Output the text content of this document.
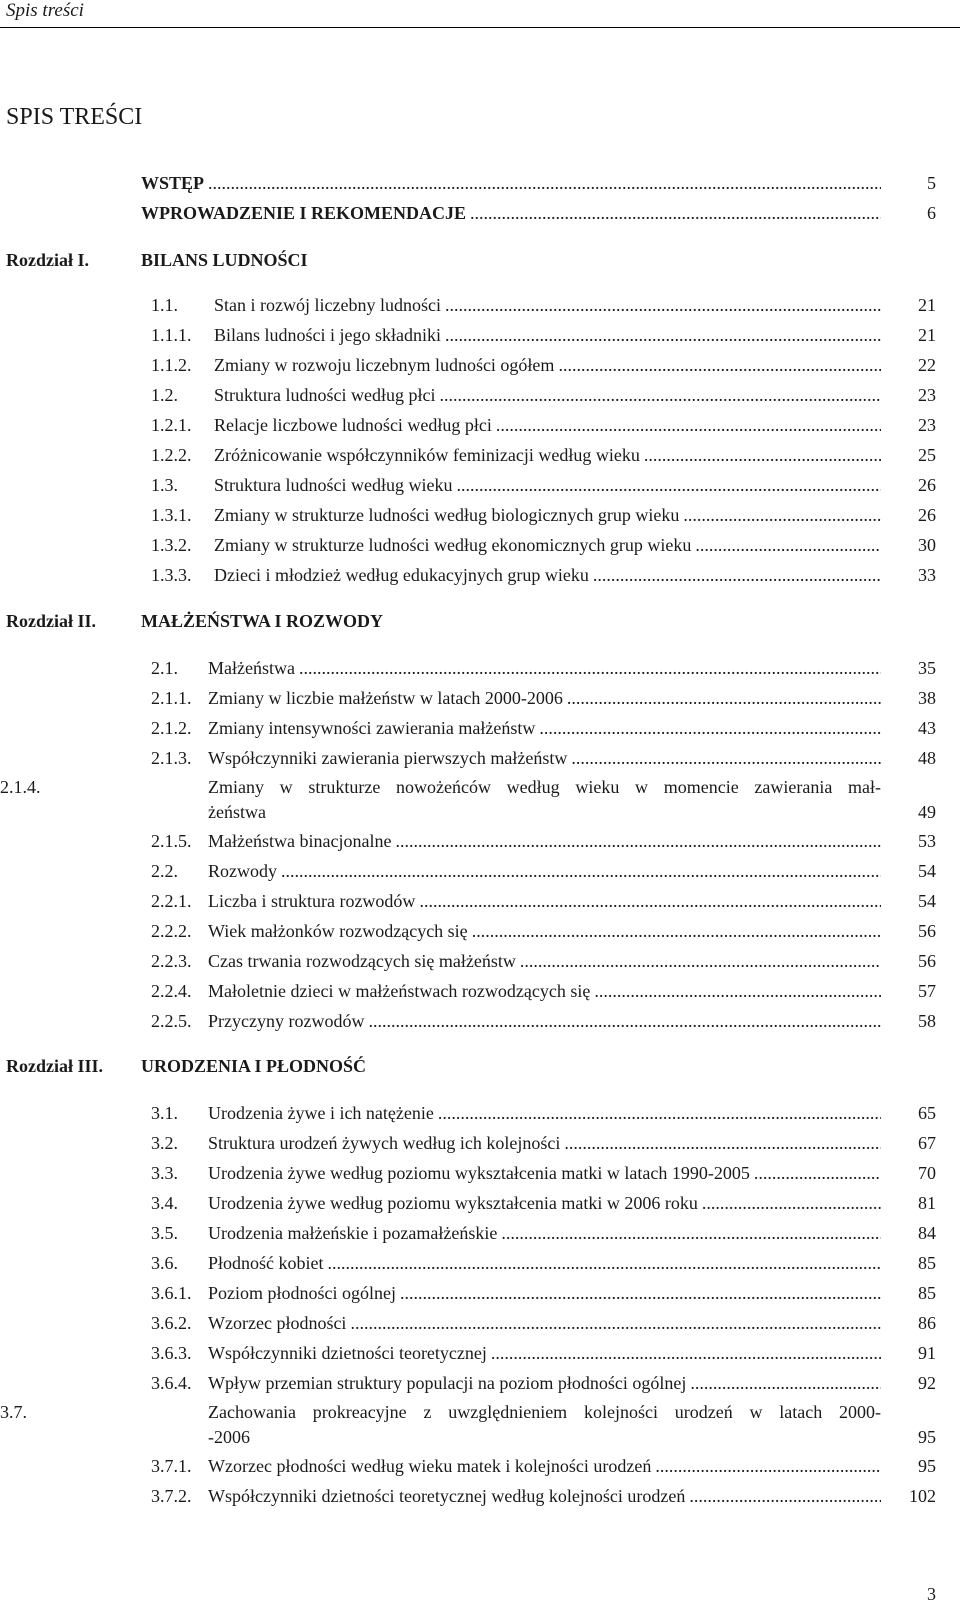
Spis treści
SPIS TREŚCI
WSTĘP .....	5
WPROWADZENIE I REKOMENDACJE .....	6
Rozdział I.	BILANS LUDNOŚCI
1.1. Stan i rozwój liczebny ludności .....	21
1.1.1. Bilans ludności i jego składniki .....	21
1.1.2. Zmiany w rozwoju liczebnym ludności ogółem .....	22
1.2. Struktura ludności według płci .....	23
1.2.1. Relacje liczbowe ludności według płci .....	23
1.2.2. Zróżnicowanie współczynników feminizacji według wieku .....	25
1.3. Struktura ludności według wieku .....	26
1.3.1. Zmiany w strukturze ludności według biologicznych grup wieku .....	26
1.3.2. Zmiany w strukturze ludności według ekonomicznych grup wieku .....	30
1.3.3. Dzieci i młodzież według edukacyjnych grup wieku .....	33
Rozdział II.	MAŁŻEŃSTWA I ROZWODY
2.1. Małżeństwa .....	35
2.1.1. Zmiany w liczbie małżeństw w latach 2000-2006 .....	38
2.1.2. Zmiany intensywności zawierania małżeństw .....	43
2.1.3. Współczynniki zawierania pierwszych małżeństw .....	48
2.1.4.	Zmiany w strukturze nowożeńców według wieku w momencie zawierania mał-
żeństwa	49
2.1.5. Małżeństwa binacjonalne .....	53
2.2. Rozwody .....	54
2.2.1. Liczba i struktura rozwodów .....	54
2.2.2. Wiek małżonków rozwodzących się .....	56
2.2.3. Czas trwania rozwodzących się małżeństw .....	56
2.2.4. Małoletnie dzieci w małżeństwach rozwodzących się .....	57
2.2.5. Przyczyny rozwodów .....	58
Rozdział III. URODZENIA I PŁODNOŚĆ
3.1. Urodzenia żywe i ich natężenie .....	65
3.2. Struktura urodzeń żywych według ich kolejności .....	67
3.3. Urodzenia żywe według poziomu wykształcenia matki w latach 1990-2005 .....	70
3.4. Urodzenia żywe według poziomu wykształcenia matki w 2006 roku .....	81
3.5. Urodzenia małżeńskie i pozamałżeńskie .....	84
3.6. Płodność kobiet .....	85
3.6.1. Poziom płodności ogólnej .....	85
3.6.2. Wzorzec płodności .....	86
3.6.3. Współczynniki dzietności teoretycznej .....	91
3.6.4. Wpływ przemian struktury populacji na poziom płodności ogólnej .....	92
3.7.	Zachowania prokreacyjne z uwzględnieniem kolejności urodzeń w latach 2000-
-2006	95
3.7.1. Wzorzec płodności według wieku matek i kolejności urodzeń .....	95
3.7.2. Współczynniki dzietności teoretycznej według kolejności urodzeń .....	102
3
